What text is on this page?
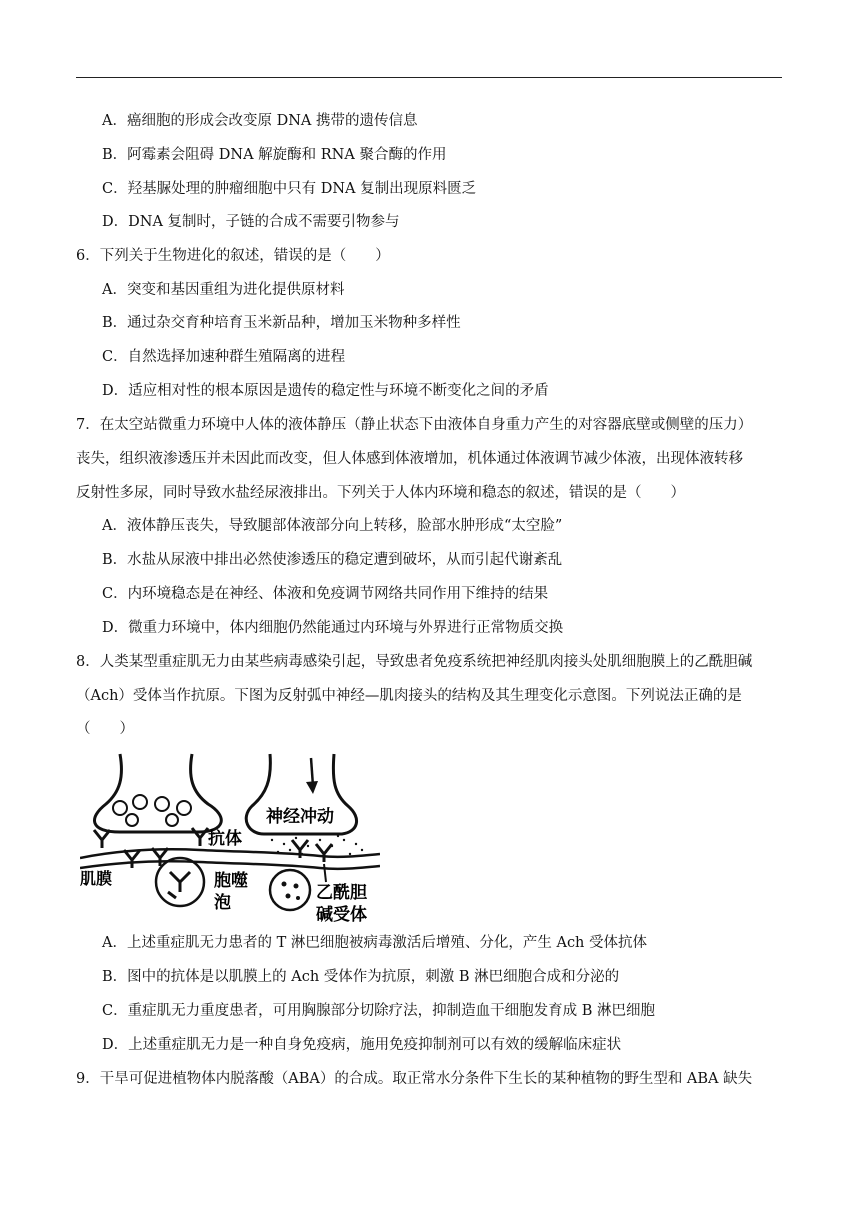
A．癌细胞的形成会改变原 DNA 携带的遗传信息
B．阿霉素会阻碍 DNA 解旋酶和 RNA 聚合酶的作用
C．羟基脲处理的肿瘤细胞中只有 DNA 复制出现原料匮乏
D．DNA 复制时，子链的合成不需要引物参与
6．下列关于生物进化的叙述，错误的是（　　）
A．突变和基因重组为进化提供原材料
B．通过杂交育种培育玉米新品种，增加玉米物种多样性
C．自然选择加速种群生殖隔离的进程
D．适应相对性的根本原因是遗传的稳定性与环境不断变化之间的矛盾
7．在太空站微重力环境中人体的液体静压（静止状态下由液体自身重力产生的对容器底壁或侧壁的压力）
丧失，组织液渗透压并未因此而改变，但人体感到体液增加，机体通过体液调节减少体液，出现体液转移
反射性多尿，同时导致水盐经尿液排出。下列关于人体内环境和稳态的叙述，错误的是（　　）
A．液体静压丧失，导致腿部体液部分向上转移，脸部水肿形成“太空脸”
B．水盐从尿液中排出必然使渗透压的稳定遭到破坏，从而引起代谢紊乱
C．内环境稳态是在神经、体液和免疫调节网络共同作用下维持的结果
D．微重力环境中，体内细胞仍然能通过内环境与外界进行正常物质交换
8．人类某型重症肌无力由某些病毒感染引起，导致患者免疫系统把神经肌肉接头处肌细胞膜上的乙酰胆碱
（Ach）受体当作抗原。下图为反射弧中神经—肌肉接头的结构及其生理变化示意图。下列说法正确的是
（　　）
神经冲动
抗体
肌膜	胞噬
泡	乙酰胆
碱受体
A．上述重症肌无力患者的 T 淋巴细胞被病毒激活后增殖、分化，产生 Ach 受体抗体
B．图中的抗体是以肌膜上的 Ach 受体作为抗原，刺激 B 淋巴细胞合成和分泌的
C．重症肌无力重度患者，可用胸腺部分切除疗法，抑制造血干细胞发育成 B 淋巴细胞
D．上述重症肌无力是一种自身免疫病，施用免疫抑制剂可以有效的缓解临床症状
9．干旱可促进植物体内脱落酸（ABA）的合成。取正常水分条件下生长的某种植物的野生型和 ABA 缺失
